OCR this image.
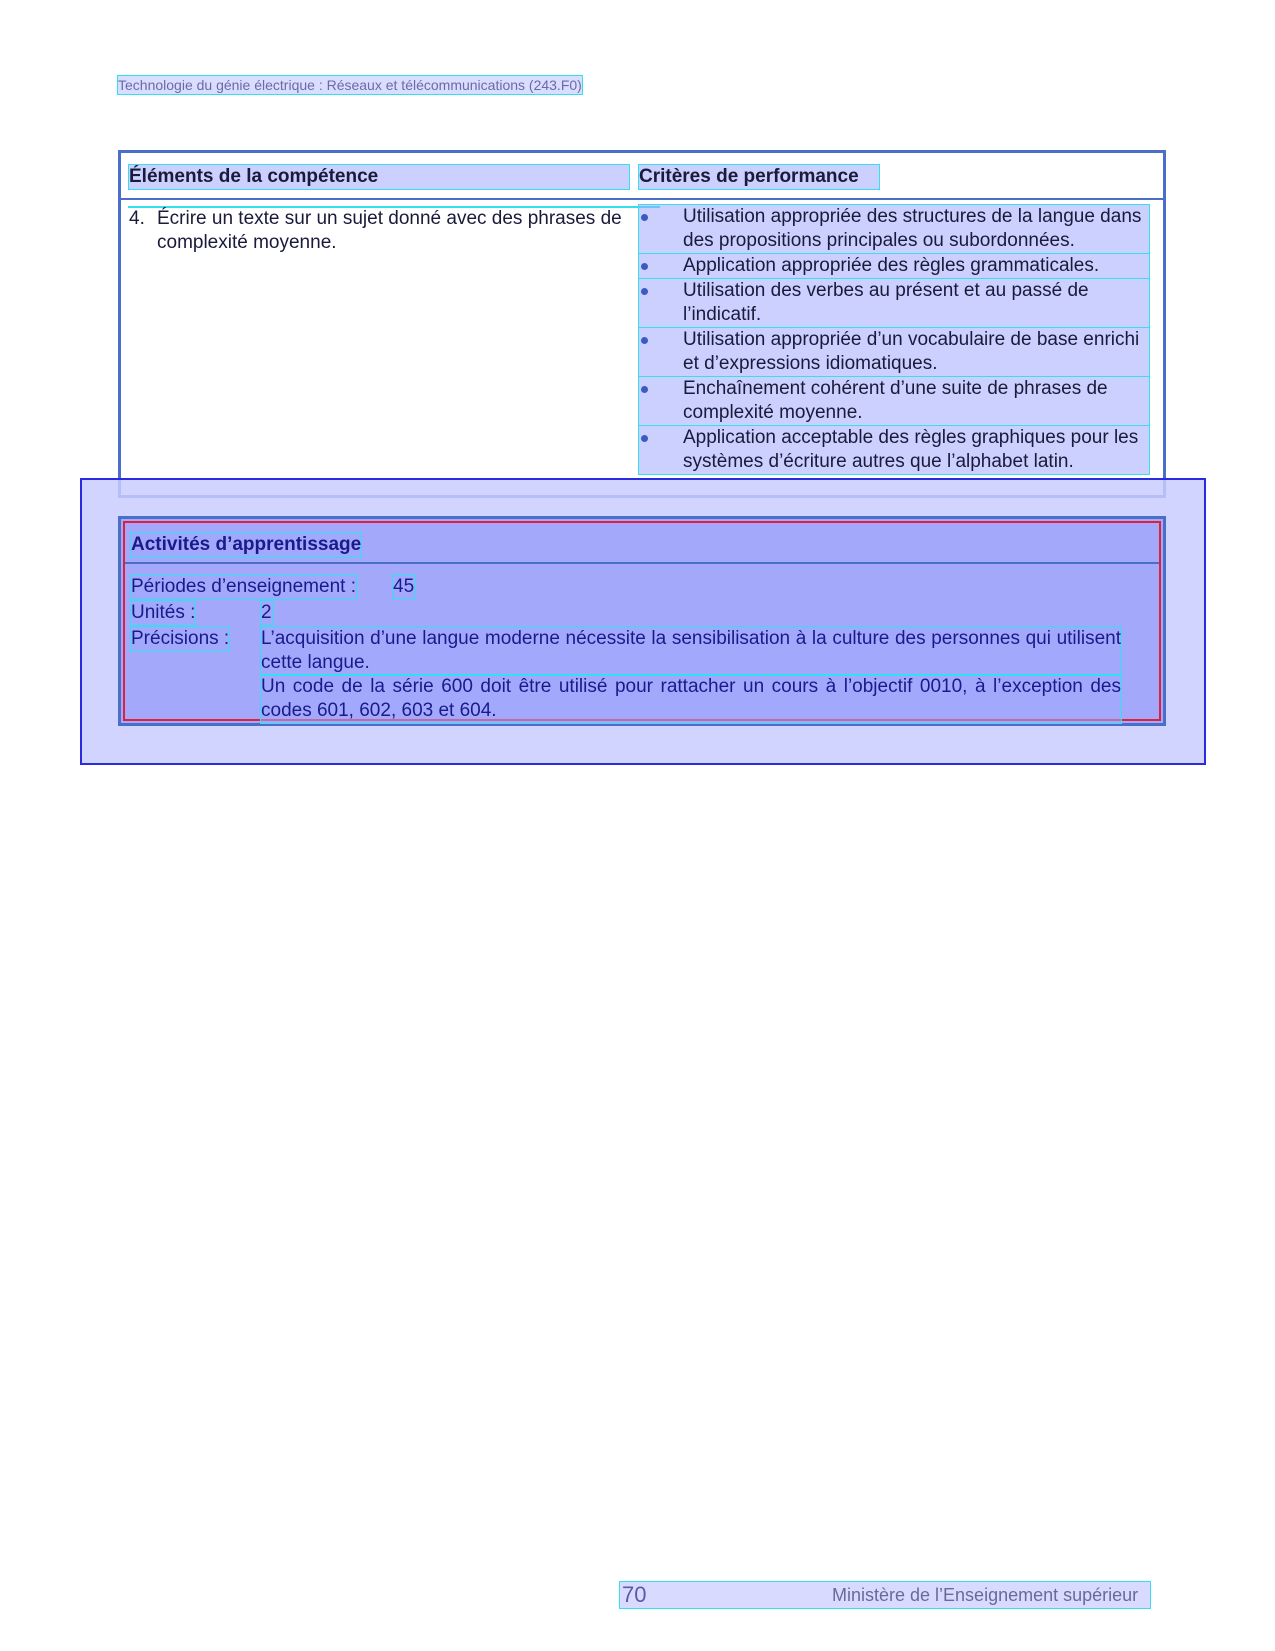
Technologie du génie électrique : Réseaux et télécommunications (243.F0)
Éléments de la compétence	Critères de performance
4. Écrire un texte sur un sujet donné avec des phrases de complexité moyenne.
Utilisation appropriée des structures de la langue dans des propositions principales ou subordonnées.
Application appropriée des règles grammaticales.
Utilisation des verbes au présent et au passé de l’indicatif.
Utilisation appropriée d’un vocabulaire de base enrichi et d’expressions idiomatiques.
Enchaînement cohérent d’une suite de phrases de complexité moyenne.
Application acceptable des règles graphiques pour les systèmes d’écriture autres que l’alphabet latin.
Activités d’apprentissage
Périodes d’enseignement : 45
Unités :	2
Précisions : L’acquisition d’une langue moderne nécessite la sensibilisation à la culture des personnes qui utilisent cette langue.

Un code de la série 600 doit être utilisé pour rattacher un cours à l’objectif 0010, à l’exception des codes 601, 602, 603 et 604.

70	Ministère de l’Enseignement supérieur
